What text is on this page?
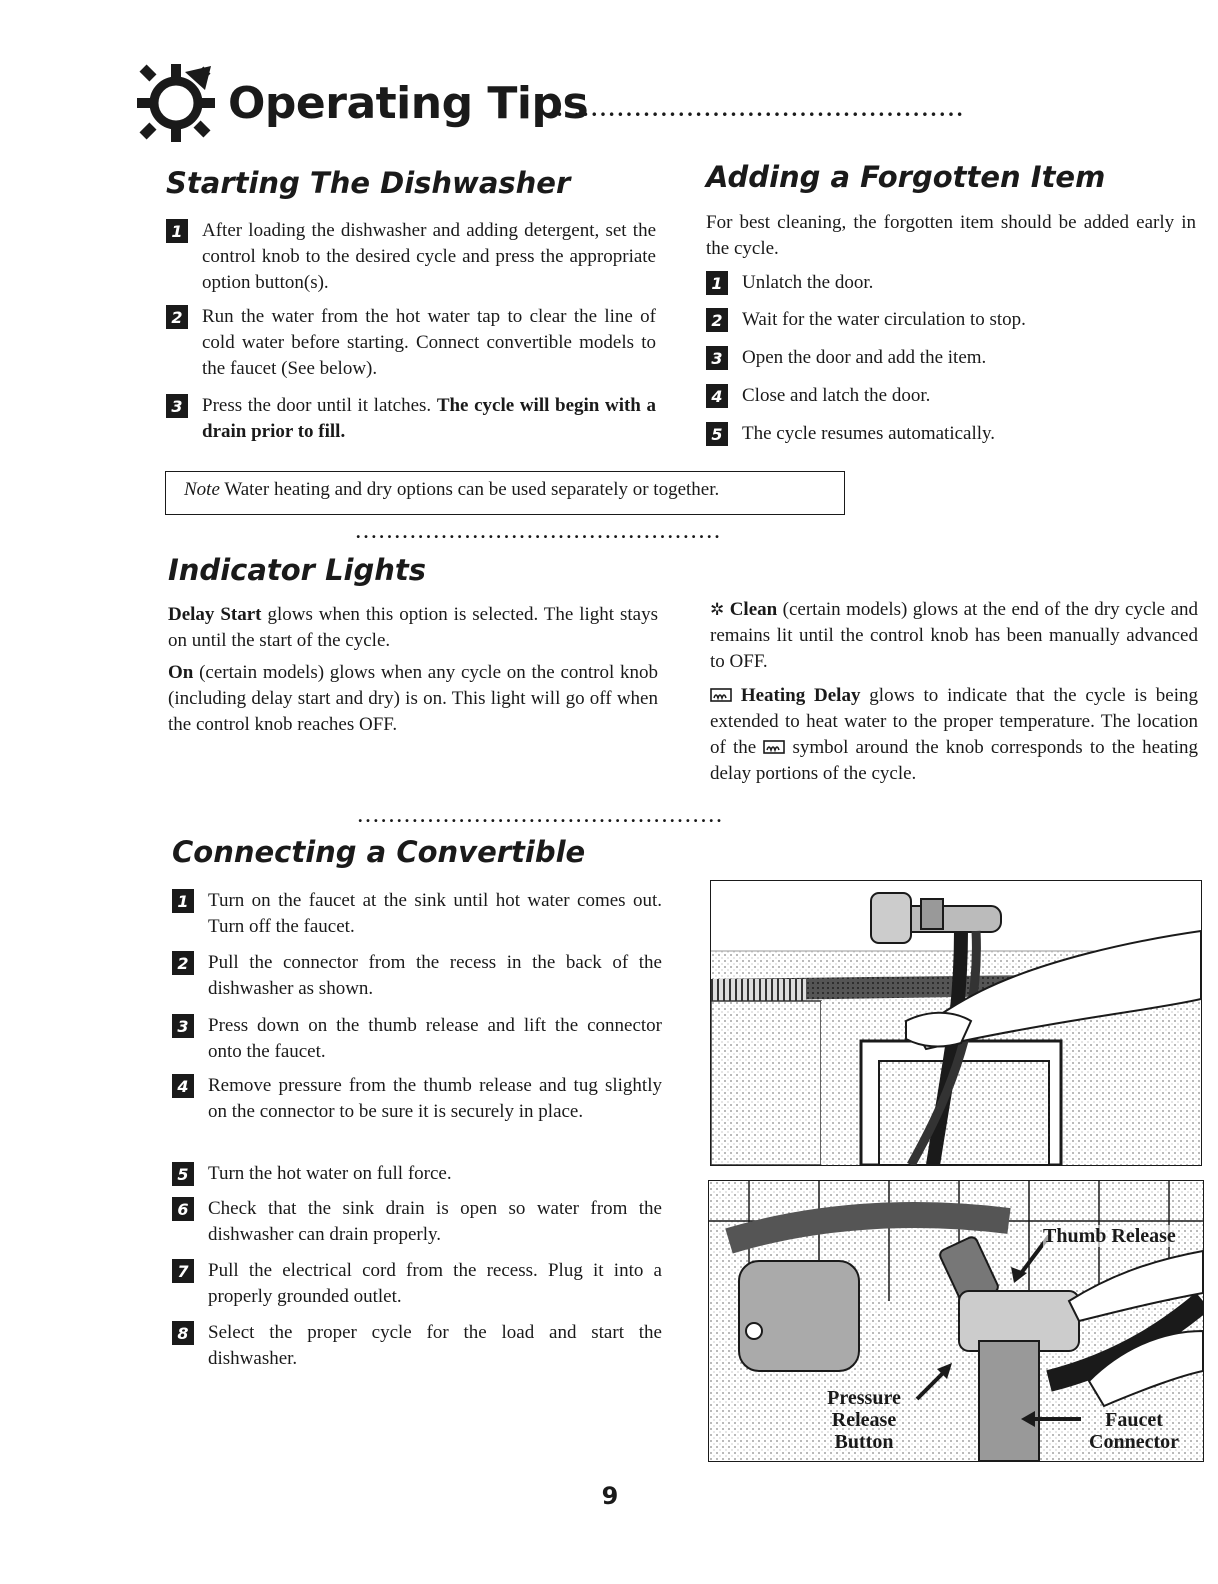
Operating Tips
................................................
Starting The Dishwasher
1 After loading the dishwasher and adding detergent, set the control knob to the desired cycle and press the appropriate option button(s).
2 Run the water from the hot water tap to clear the line of cold water before starting. Connect convertible models to the faucet (See below).
3 Press the door until it latches. The cycle will begin with a drain prior to fill.
Adding a Forgotten Item

For best cleaning, the forgotten item should be added early in the cycle.

1 Unlatch the door.
2 Wait for the water circulation to stop.
3 Open the door and add the item.
4 Close and latch the door.
5 The cycle resumes automatically.
Note Water heating and dry options can be used separately or together.
...............................................
Indicator Lights

Delay Start glows when this option is selected. The light stays on until the start of the cycle.

On (certain models) glows when any cycle on the control knob (including delay start and dry) is on. This light will go off when the control knob reaches OFF.

✲ Clean (certain models) glows at the end of the dry cycle and remains lit until the control knob has been manually advanced to OFF.

Heating Delay glows to indicate that the cycle is being extended to heat water to the proper temperature. The location of the symbol around the knob corresponds to the heating delay portions of the cycle.

...............................................
Connecting a Convertible
1 Turn on the faucet at the sink until hot water comes out. Turn off the faucet.
2 Pull the connector from the recess in the back of the dishwasher as shown.
3 Press down on the thumb release and lift the connector onto the faucet.
4 Remove pressure from the thumb release and tug slightly on the connector to be sure it is securely in place.
5 Turn the hot water on full force.
6 Check that the sink drain is open so water from the dishwasher can drain properly.
7 Pull the electrical cord from the recess. Plug it into a properly grounded outlet.
8 Select the proper cycle for the load and start the dishwasher.
Thumb Release
Pressure
Release
Button
Faucet
Connector
9
